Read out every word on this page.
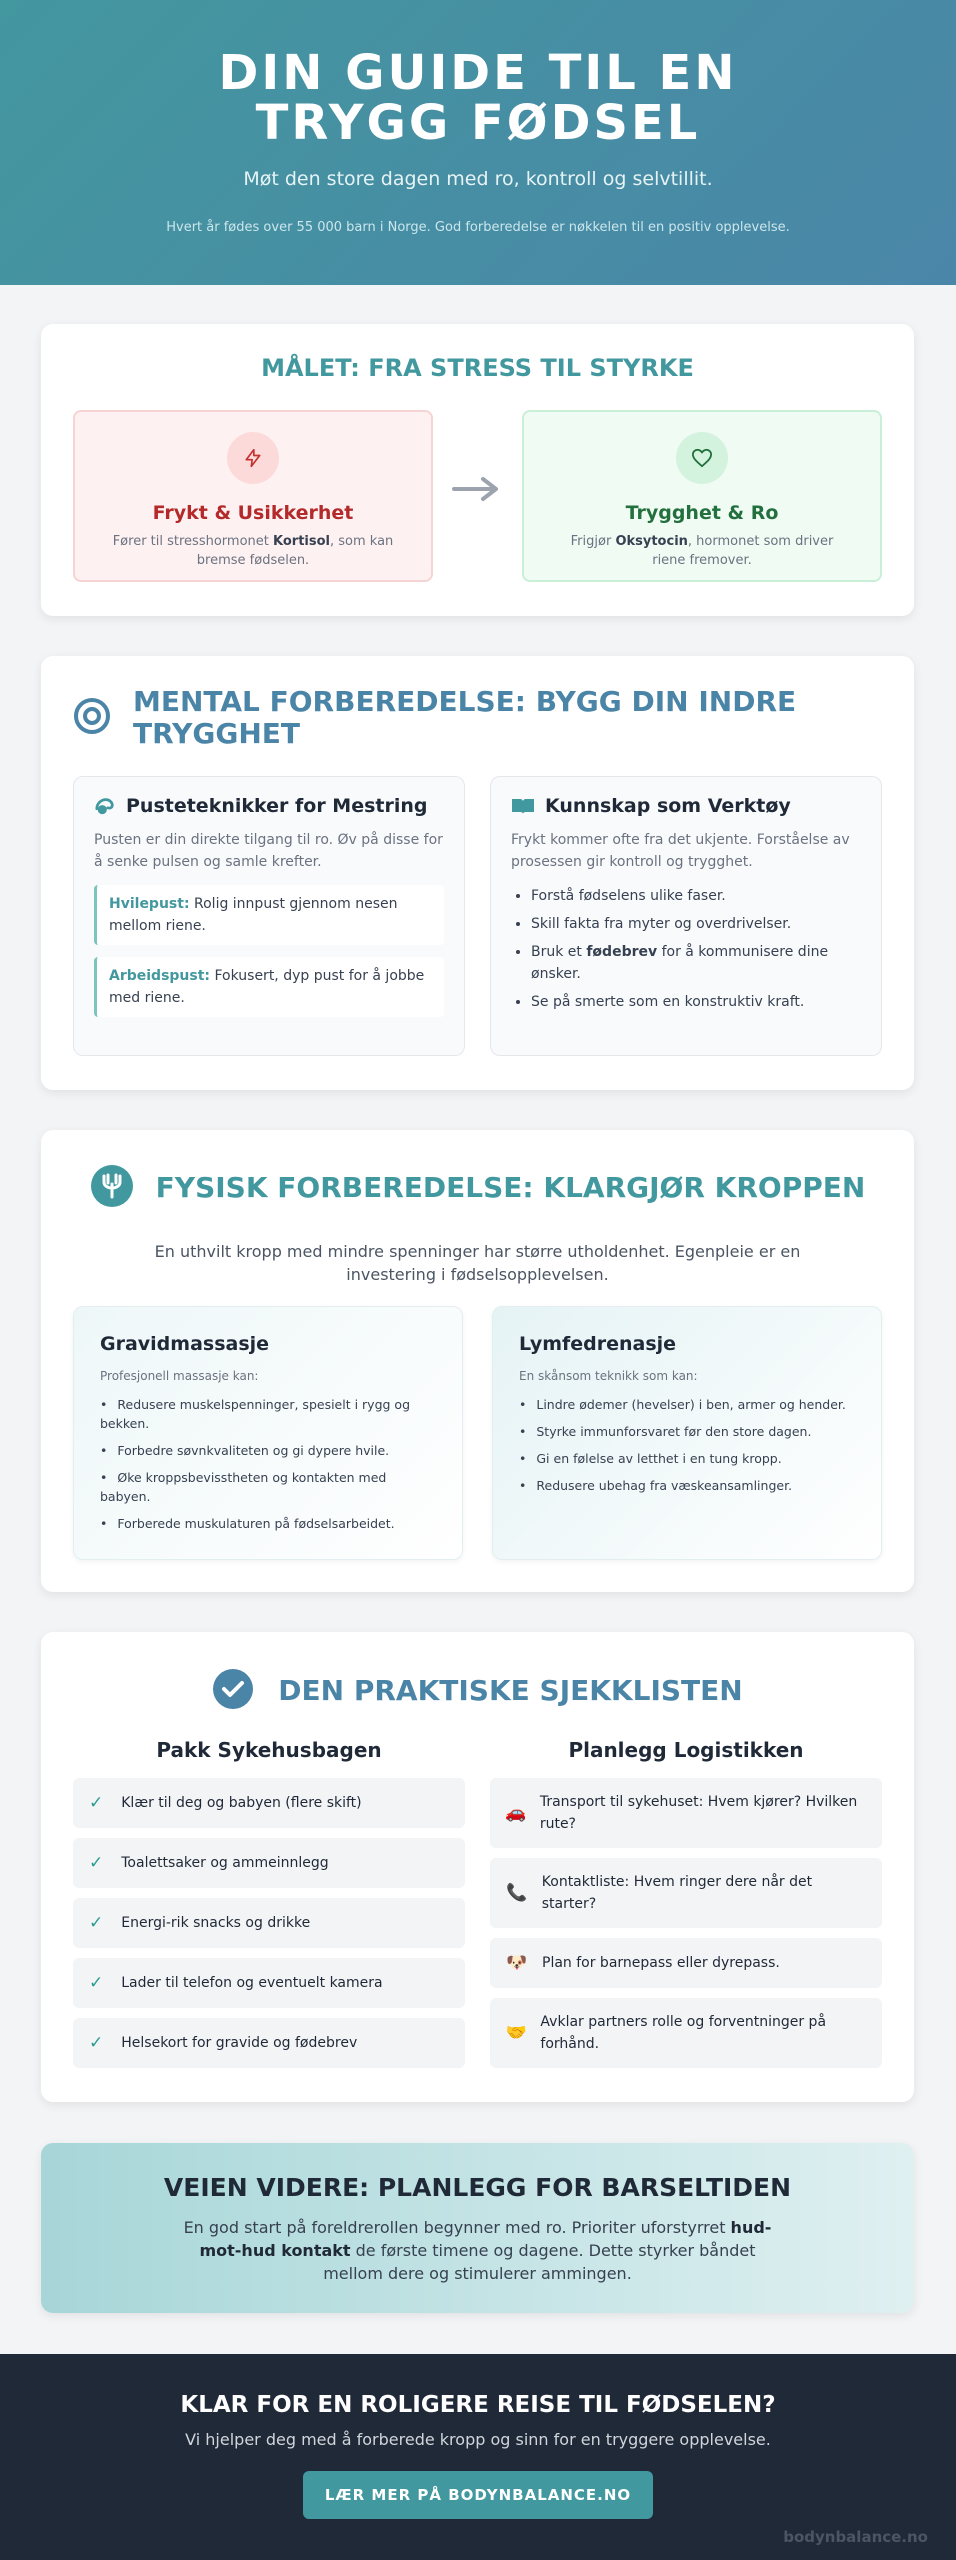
DIN GUIDE TIL EN TRYGG FØDSEL

Møt den store dagen med ro, kontroll og selvtillit.

Hvert år fødes over 55 000 barn i Norge. God forberedelse er nøkkelen til en positiv opplevelse.

MÅLET: FRA STRESS TIL STYRKE
Frykt & Usikkerhet

Fører til stresshormonet Kortisol, som kan bremse fødselen.

Trygghet & Ro

Frigjør Oksytocin, hormonet som driver riene fremover.

MENTAL FORBEREDELSE: BYGG DIN INDRE TRYGGHET
Pusteteknikker for Mestring

Pusten er din direkte tilgang til ro. Øv på disse for å senke pulsen og samle krefter.

Hvilepust: Rolig innpust gjennom nesen mellom riene.
Arbeidspust: Fokusert, dyp pust for å jobbe med riene.
Kunnskap som Verktøy

Frykt kommer ofte fra det ukjente. Forståelse av prosessen gir kontroll og trygghet.

• Forstå fødselens ulike faser.
• Skill fakta fra myter og overdrivelser.
• Bruk et fødebrev for å kommunisere dine ønsker.
• Se på smerte som en konstruktiv kraft.
FYSISK FORBEREDELSE: KLARGJØR KROPPEN

En uthvilt kropp med mindre spenninger har større utholdenhet. Egenpleie er en investering i fødselsopplevelsen.

Gravidmassasje

Profesjonell massasje kan:

• Redusere muskelspenninger, spesielt i rygg og bekken.
• Forbedre søvnkvaliteten og gi dypere hvile.
• Øke kroppsbevisstheten og kontakten med babyen.
• Forberede muskulaturen på fødselsarbeidet.
Lymfedrenasje

En skånsom teknikk som kan:

• Lindre ødemer (hevelser) i ben, armer og hender.
• Styrke immunforsvaret før den store dagen.
• Gi en følelse av letthet i en tung kropp.
• Redusere ubehag fra væskeansamlinger.
DEN PRAKTISKE SJEKKLISTEN
Pakk Sykehusbagen
✓ Klær til deg og babyen (flere skift)
✓ Toalettsaker og ammeinnlegg
✓ Energi-rik snacks og drikke
✓ Lader til telefon og eventuelt kamera
✓ Helsekort for gravide og fødebrev
Planlegg Logistikken
🚗
Transport til sykehuset: Hvem kjører? Hvilken rute?
📞
Kontaktliste: Hvem ringer dere når det starter?
🐶 Plan for barnepass eller dyrepass.
🤝
Avklar partners rolle og forventninger på forhånd.
VEIEN VIDERE: PLANLEGG FOR BARSELTIDEN

En god start på foreldrerollen begynner med ro. Prioriter uforstyrret hud-mot-hud kontakt de første timene og dagene. Dette styrker båndet mellom dere og stimulerer ammingen.

KLAR FOR EN ROLIGERE REISE TIL FØDSELEN?

Vi hjelper deg med å forberede kropp og sinn for en tryggere opplevelse.

LÆR MER PÅ BODYNBALANCE.NO
bodynbalance.no
